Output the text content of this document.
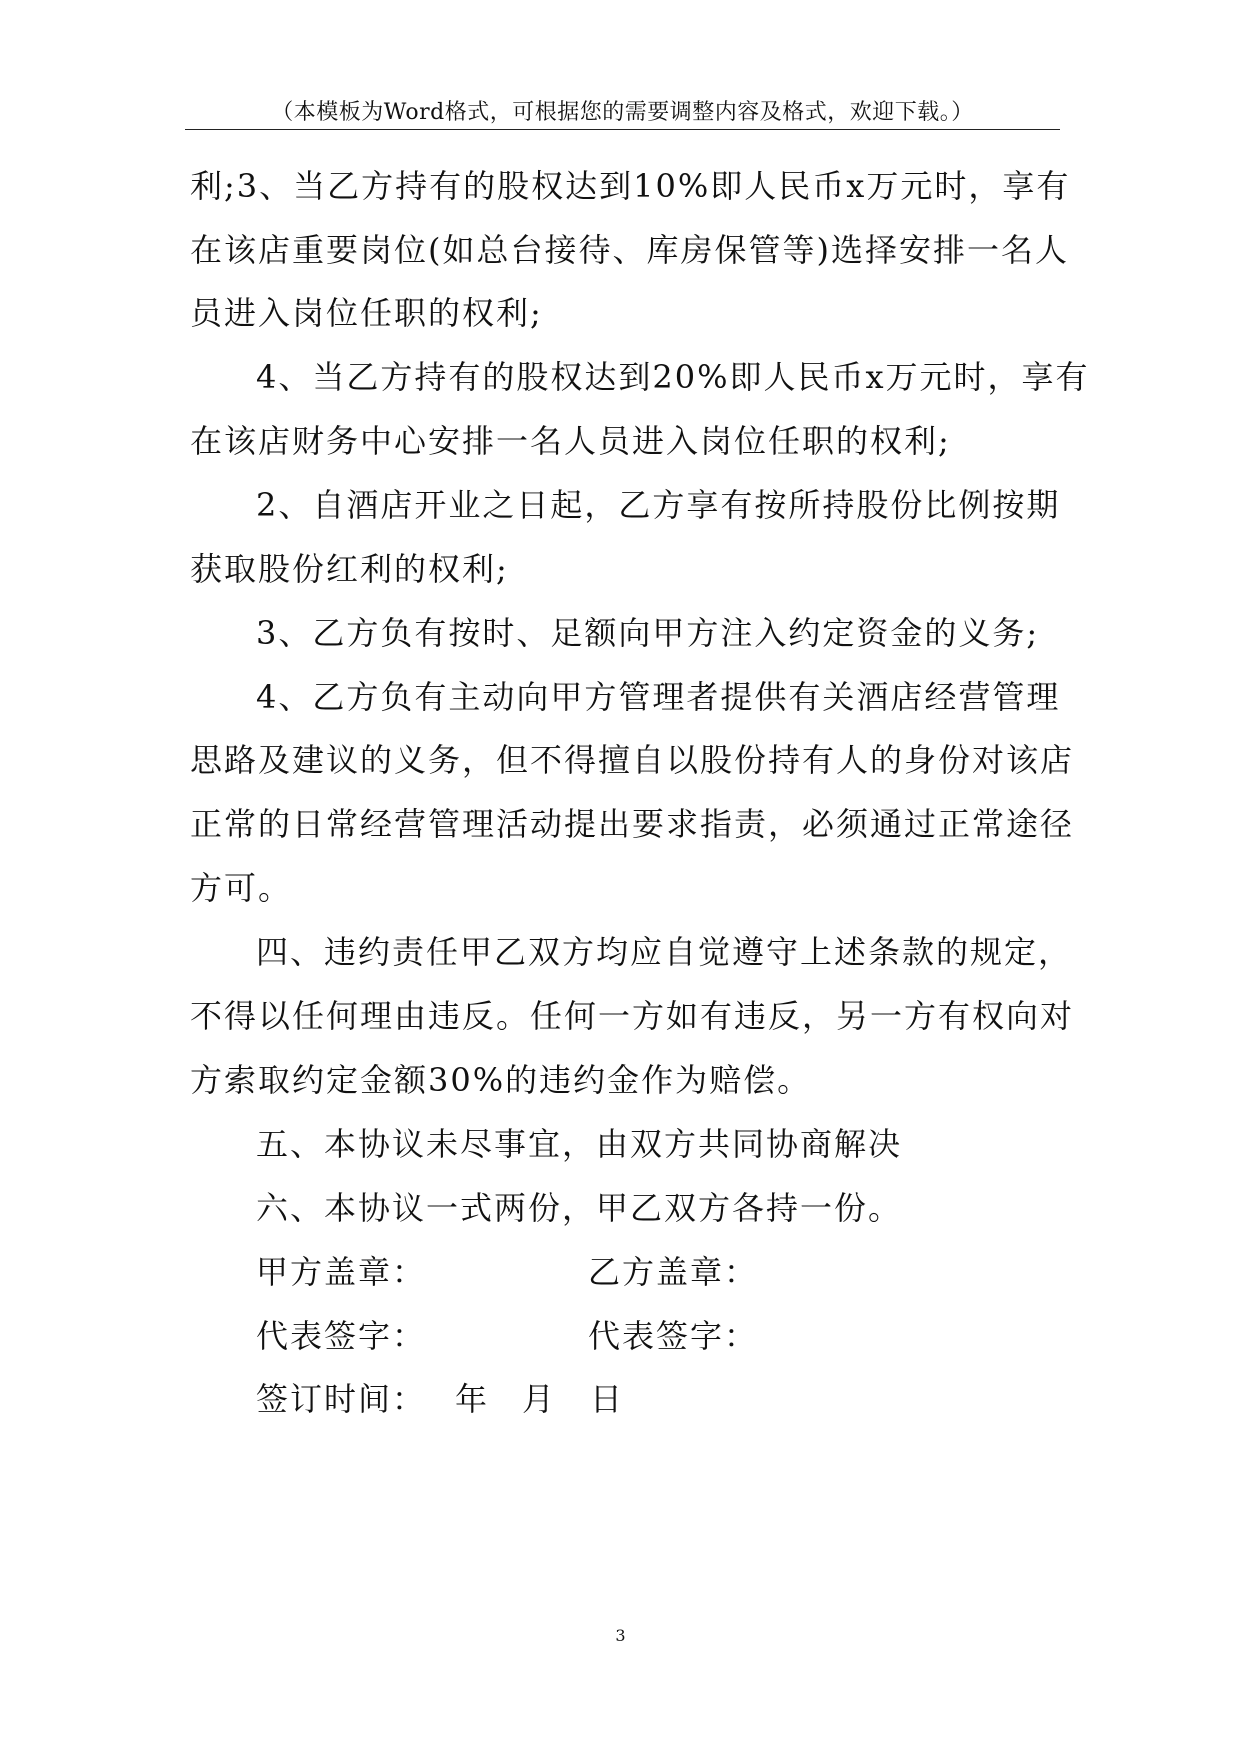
（本模板为Word格式，可根据您的需要调整内容及格式，欢迎下载。）
利;3、当乙方持有的股权达到10%即人民币x万元时，享有
在该店重要岗位(如总台接待、库房保管等)选择安排一名人
员进入岗位任职的权利;
4、当乙方持有的股权达到20%即人民币x万元时，享有
在该店财务中心安排一名人员进入岗位任职的权利;
2、自酒店开业之日起，乙方享有按所持股份比例按期
获取股份红利的权利;
3、乙方负有按时、足额向甲方注入约定资金的义务;
4、乙方负有主动向甲方管理者提供有关酒店经营管理
思路及建议的义务，但不得擅自以股份持有人的身份对该店
正常的日常经营管理活动提出要求指责，必须通过正常途径
方可。
四、违约责任甲乙双方均应自觉遵守上述条款的规定，
不得以任何理由违反。任何一方如有违反，另一方有权向对
方索取约定金额30%的违约金作为赔偿。
五、本协议未尽事宜，由双方共同协商解决
六、本协议一式两份，甲乙双方各持一份。
甲方盖章：	乙方盖章：
代表签字：	代表签字：
签订时间： 年 月 日
3
